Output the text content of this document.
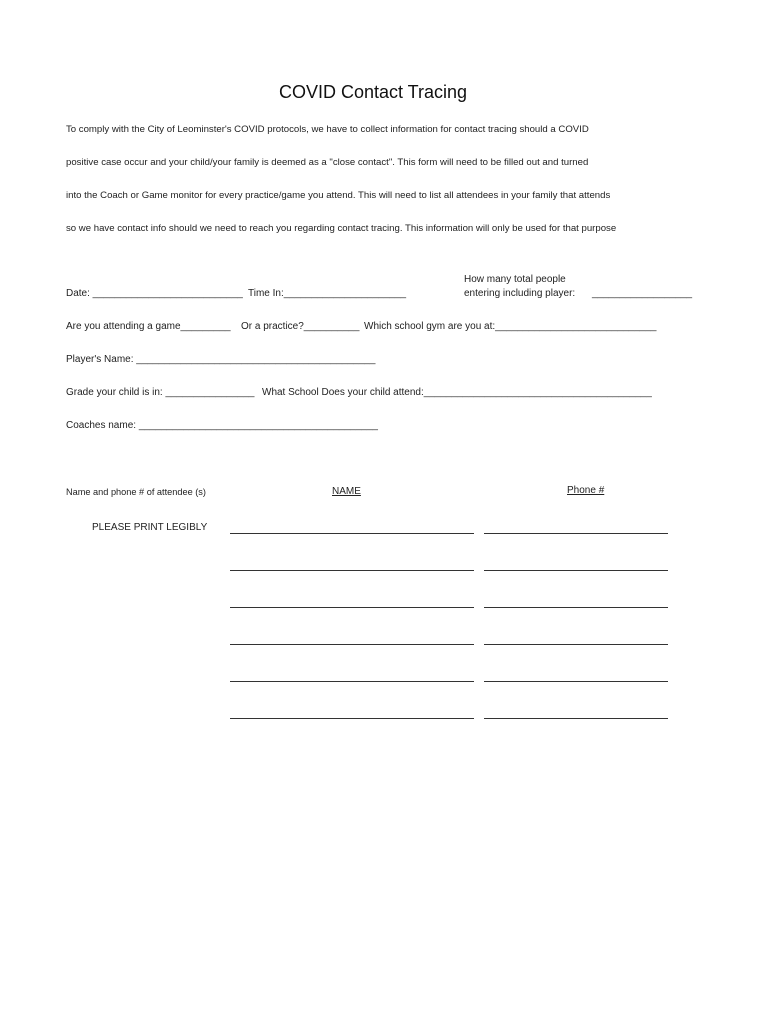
COVID Contact Tracing
To comply with the City of Leominster's COVID protocols, we have to collect information for contact tracing should a COVID
positive case occur and your child/your family is deemed as a "close contact". This form will need to be filled out and turned
into the Coach or Game monitor for every practice/game you attend. This will need to list all attendees in your family that attends
so we have contact info should we need to reach you regarding contact tracing. This information will only be used for that purpose
Date: ___________________________ Time In:______________________
How many total people
entering including player: __________________
Are you attending a game_________ Or a practice?__________ Which school gym are you at:_____________________________
Player's Name: ___________________________________________
Grade your child is in: ________________ What School Does your child attend:_________________________________________
Coaches name: ___________________________________________
Name and phone # of attendee (s)	NAME	Phone #
PLEASE PRINT LEGIBLY
